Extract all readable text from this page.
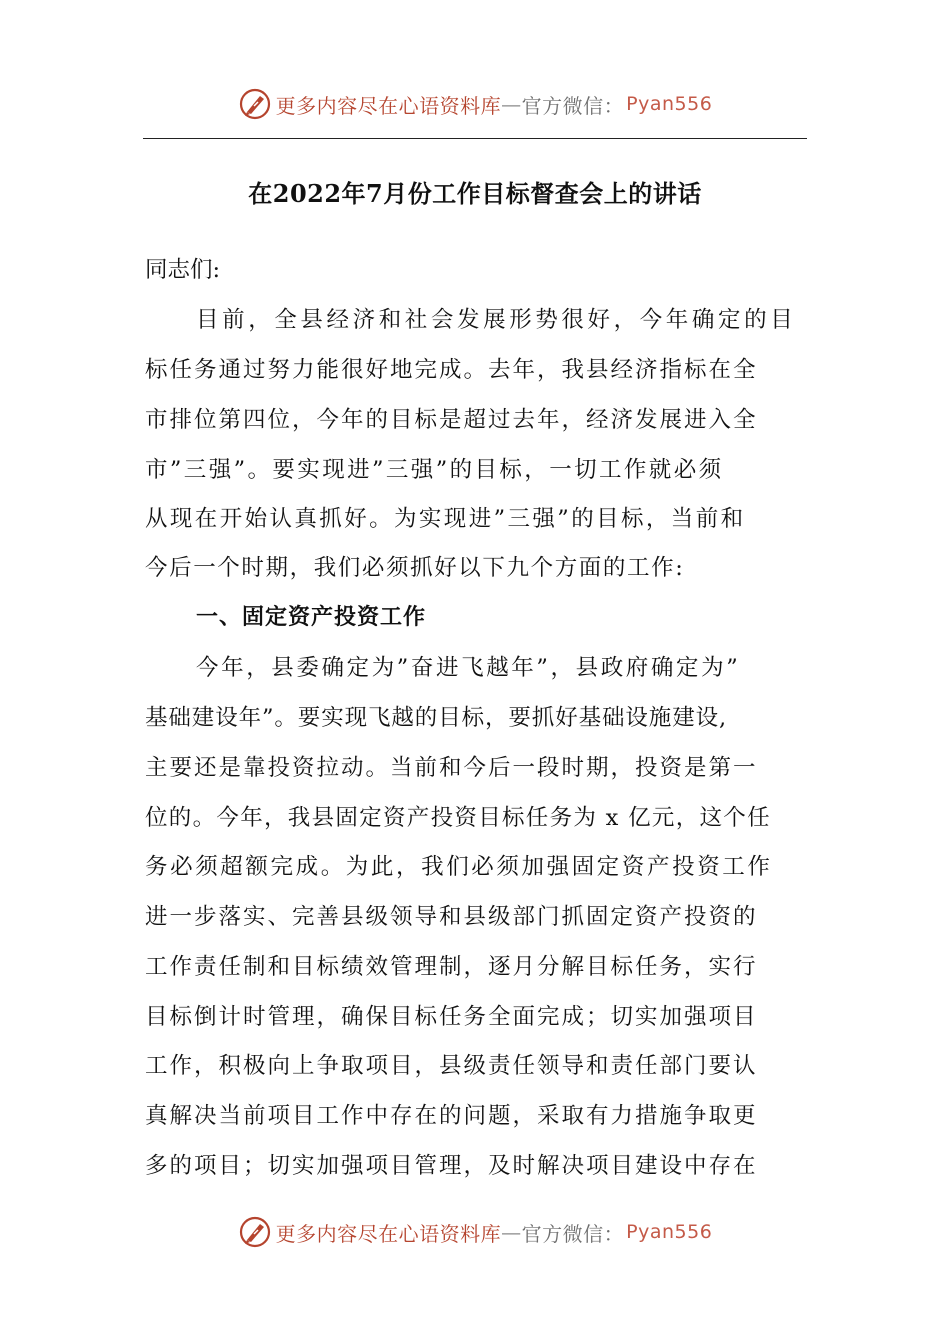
更多内容尽在心语资料库 — 官方微信： Pyan556
在2022年7月份工作目标督查会上的讲话
同志们:
目前，全县经济和社会发展形势很好，今年确定的目
标任务通过努力能很好地完成。去年，我县经济指标在全
市排位第四位，今年的目标是超过去年，经济发展进入全
市”三强”。要实现进”三强”的目标，一切工作就必须
从现在开始认真抓好。为实现进”三强”的目标，当前和
今后一个时期，我们必须抓好以下九个方面的工作:
一、固定资产投资工作
今年，县委确定为”奋进飞越年”，县政府确定为”
基础建设年”。要实现飞越的目标，要抓好基础设施建设,
主要还是靠投资拉动。当前和今后一段时期，投资是第一
位的。今年，我县固定资产投资目标任务为 x 亿元，这个任
务必须超额完成。为此，我们必须加强固定资产投资工作
进一步落实、完善县级领导和县级部门抓固定资产投资的
工作责任制和目标绩效管理制，逐月分解目标任务，实行
目标倒计时管理，确保目标任务全面完成；切实加强项目
工作，积极向上争取项目，县级责任领导和责任部门要认
真解决当前项目工作中存在的问题，采取有力措施争取更
多的项目；切实加强项目管理，及时解决项目建设中存在
更多内容尽在心语资料库 — 官方微信： Pyan556
